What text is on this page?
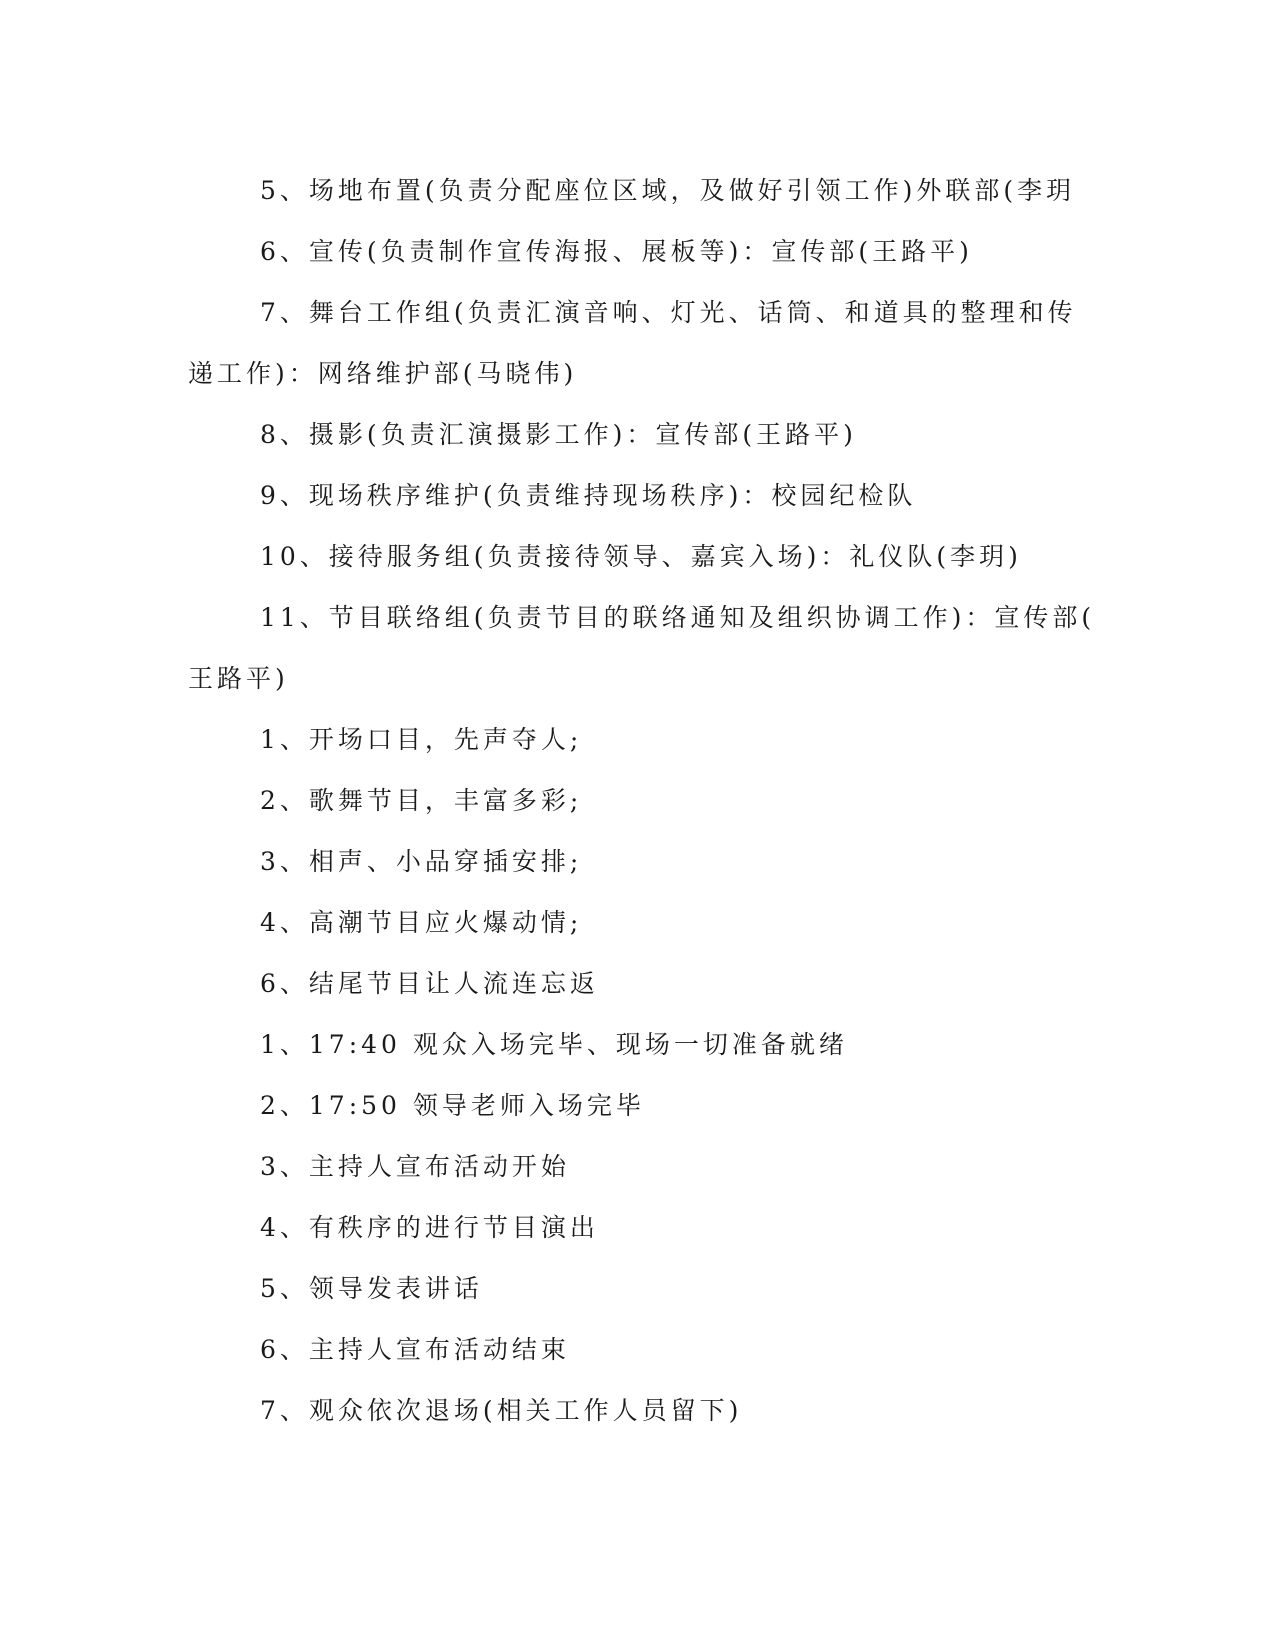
5、场地布置(负责分配座位区域，及做好引领工作)外联部(李玥

6、宣传(负责制作宣传海报、展板等)：宣传部(王路平)

7、舞台工作组(负责汇演音响、灯光、话筒、和道具的整理和传

递工作)：网络维护部(马晓伟)

8、摄影(负责汇演摄影工作)：宣传部(王路平)

9、现场秩序维护(负责维持现场秩序)：校园纪检队

10、接待服务组(负责接待领导、嘉宾入场)：礼仪队(李玥)

11、节目联络组(负责节目的联络通知及组织协调工作)：宣传部(

王路平)

1、开场口目，先声夺人;

2、歌舞节目，丰富多彩;

3、相声、小品穿插安排;

4、高潮节目应火爆动情;

6、结尾节目让人流连忘返

1、17:40 观众入场完毕、现场一切准备就绪

2、17:50 领导老师入场完毕

3、主持人宣布活动开始

4、有秩序的进行节目演出

5、领导发表讲话

6、主持人宣布活动结束

7、观众依次退场(相关工作人员留下)
